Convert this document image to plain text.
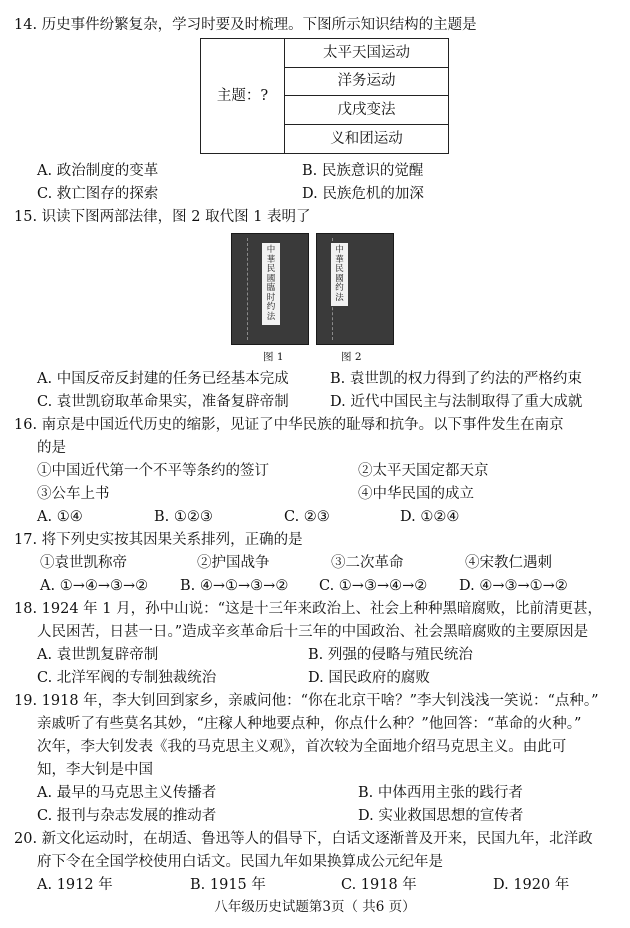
14. 历史事件纷繁复杂，学习时要及时梳理。下图所示知识结构的主题是
主题：?
太平天国运动
洋务运动
戊戌变法
义和团运动
A. 政治制度的变革	B. 民族意识的觉醒
C. 救亡图存的探索	D. 民族危机的加深
15. 识读下图两部法律，图 2 取代图 1 表明了
中
華
民
國
臨
时
约
法
中
華
民
國
约
法
图 1	图 2
A. 中国反帝反封建的任务已经基本完成	B. 袁世凯的权力得到了约法的严格约束
C. 袁世凯窃取革命果实，准备复辟帝制	D. 近代中国民主与法制取得了重大成就
16. 南京是中国近代历史的缩影，见证了中华民族的耻辱和抗争。以下事件发生在南京
的是
①中国近代第一个不平等条约的签订	②太平天国定都天京
③公车上书	④中华民国的成立
A. ①④	B. ①②③	C. ②③	D. ①②④
17. 将下列史实按其因果关系排列，正确的是
①袁世凯称帝	②护国战争	③二次革命	④宋教仁遇刺
A. ①→④→③→② B. ④→①→③→② C. ①→③→④→② D. ④→③→①→②
18. 1924 年 1 月，孙中山说：“这是十三年来政治上、社会上种种黑暗腐败，比前清更甚，
人民困苦，日甚一日。”造成辛亥革命后十三年的中国政治、社会黑暗腐败的主要原因是
A. 袁世凯复辟帝制	B. 列强的侵略与殖民统治
C. 北洋军阀的专制独裁统治	D. 国民政府的腐败
19. 1918 年，李大钊回到家乡，亲戚问他：“你在北京干啥？”李大钊浅浅一笑说：“点种。”
亲戚听了有些莫名其妙，“庄稼人种地要点种，你点什么种？”他回答：“革命的火种。”
次年，李大钊发表《我的马克思主义观》，首次较为全面地介绍马克思主义。由此可
知，李大钊是中国
A. 最早的马克思主义传播者	B. 中体西用主张的践行者
C. 报刊与杂志发展的推动者	D. 实业救国思想的宣传者
20. 新文化运动时，在胡适、鲁迅等人的倡导下，白话文逐渐普及开来，民国九年，北洋政
府下令在全国学校使用白话文。民国九年如果换算成公元纪年是
A. 1912 年	B. 1915 年	C. 1918 年	D. 1920 年
八年级历史试题第3页（ 共6 页）
